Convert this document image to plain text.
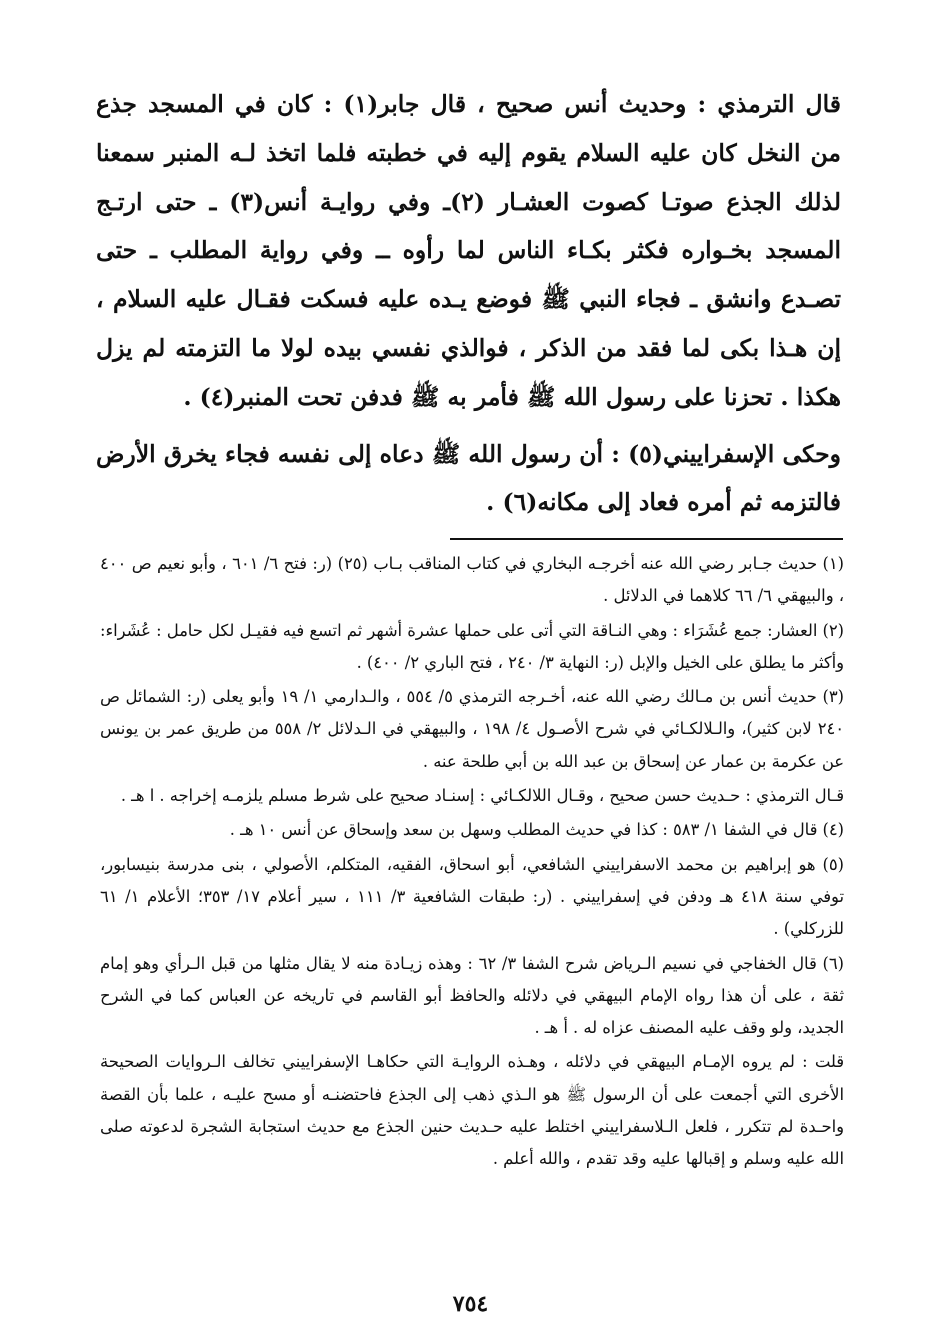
قال الترمذي : وحديث أنس صحيح ، قال جابر(١) : كان في المسجد جذع من النخل كان عليه السلام يقوم إليه في خطبته فلما اتخذ لـه المنبر سمعنا لذلك الجذع صوتـا كصوت العشـار (٢)ـ وفي روايـة أنس(٣) ـ حتى ارتـج المسجد بخـواره فكثر بكـاء الناس لما رأوه ــ وفي رواية المطلب ـ حتى تصـدع وانشق ـ فجاء النبي ﷺ فوضع يـده عليه فسكت فقـال عليه السلام ، إن هـذا بكى لما فقد من الذكر ، فوالذي نفسي بيده لولا ما التزمته لم يزل هكذا . تحزنا على رسول الله ﷺ فأمر به ﷺ فدفن تحت المنبر(٤) .

وحكى الإسفراييني(٥) : أن رسول الله ﷺ دعاه إلى نفسه فجاء يخرق الأرض فالتزمه ثم أمره فعاد إلى مكانه(٦) .

(١) حديث جـابر رضي الله عنه أخرجـه البخاري في كتاب المناقب بـاب (٢٥) (ر: فتح ٦/ ٦٠١ ، وأبو نعيم ص ٤٠٠ ، والبيهقي ٦/ ٦٦ كلاهما في الدلائل .

(٢) العشار: جمع عُشَرَاء : وهي النـاقة التي أتى على حملها عشرة أشهر ثم اتسع فيه فقيـل لكل حامل : عُشَراء: وأكثر ما يطلق على الخيل والإبل (ر: النهاية ٣/ ٢٤٠ ، فتح الباري ٢/ ٤٠٠) .

(٣) حديث أنس بن مـالك رضي الله عنه، أخـرجه الترمذي ٥/ ٥٥٤ ، والـدارمي ١/ ١٩ وأبو يعلى (ر: الشمائل ص ٢٤٠ لابن كثير)، والـلالكـائي في شرح الأصـول ٤/ ١٩٨ ، والبيهقي في الـدلائل ٢/ ٥٥٨ من طريق عمر بن يونس عن عكرمة بن عمار عن إسحاق بن عبد الله بن أبي طلحة عنه .

قـال الترمذي : حـديث حسن صحيح ، وقـال اللالكـائي : إسنـاد صحيح على شرط مسلم يلزمـه إخراجه . ا هـ .

(٤) قال في الشفا ١/ ٥٨٣ : كذا في حديث المطلب وسهل بن سعد وإسحاق عن أنس ١٠ هـ .

(٥) هو إبراهيم بن محمد الاسفراييني الشافعي، أبو اسحاق، الفقيه، المتكلم، الأصولي ، بنى مدرسة بنيسابور، توفي سنة ٤١٨ هـ ودفن في إسفراييني . (ر: طبقات الشافعية ٣/ ١١١ ، سير أعلام ١٧/ ٣٥٣؛ الأعلام ١/ ٦١ للزركلي) .

(٦) قال الخفاجي في نسيم الـرياض شرح الشفا ٣/ ٦٢ : وهذه زيـادة منه لا يقال مثلها من قبل الـرأي وهو إمام ثقة ، على أن هذا رواه الإمام البيهقي في دلائله والحافظ أبو القاسم في تاريخه عن العباس كما في الشرح الجديد، ولو وقف عليه المصنف عزاه له . أ هـ .

قلت : لم يروه الإمـام البيهقي في دلائله ، وهـذه الروايـة التي حكاهـا الإسفراييني تخالف الـروايات الصحيحة الأخرى التي أجمعت على أن الرسول ﷺ هو الـذي ذهب إلى الجذع فاحتضنـه أو مسح عليـه ، علما بأن القصة واحـدة لم تتكرر ، فلعل الـلاسفراييني اختلط عليه حـديث حنين الجذع مع حديث استجابة الشجرة لدعوته صلى الله عليه وسلم و إقبالها عليه وقد تقدم ، والله أعلم .

٧٥٤
